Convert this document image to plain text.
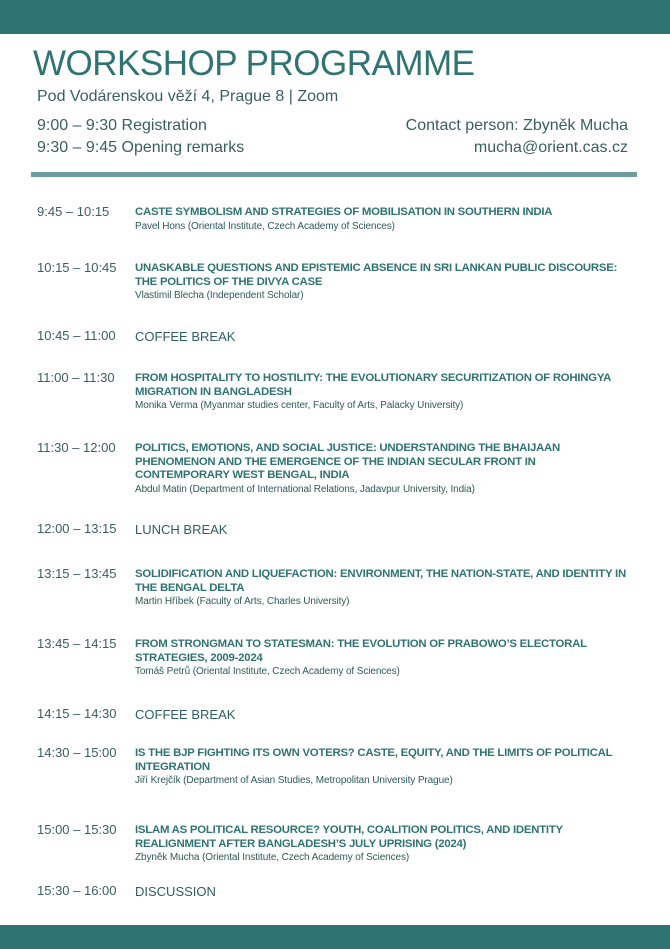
WORKSHOP PROGRAMME
Pod Vodárenskou věží 4, Prague 8 | Zoom
9:00 – 9:30 Registration
9:30 – 9:45 Opening remarks
Contact person: Zbyněk Mucha
mucha@orient.cas.cz
9:45 – 10:15 CASTE SYMBOLISM AND STRATEGIES OF MOBILISATION IN SOUTHERN INDIA
Pavel Hons (Oriental Institute, Czech Academy of Sciences)
10:15 – 10:45 UNASKABLE QUESTIONS AND EPISTEMIC ABSENCE IN SRI LANKAN PUBLIC DISCOURSE: THE POLITICS OF THE DIVYA CASE
Vlastimil Blecha (Independent Scholar)
10:45 – 11:00 COFFEE BREAK
11:00 – 11:30 FROM HOSPITALITY TO HOSTILITY: THE EVOLUTIONARY SECURITIZATION OF ROHINGYA MIGRATION IN BANGLADESH
Monika Verma (Myanmar studies center, Faculty of Arts, Palacky University)
11:30 – 12:00 POLITICS, EMOTIONS, AND SOCIAL JUSTICE: UNDERSTANDING THE BHAIJAAN PHENOMENON AND THE EMERGENCE OF THE INDIAN SECULAR FRONT IN CONTEMPORARY WEST BENGAL, INDIA
Abdul Matin (Department of International Relations, Jadavpur University, India)
12:00 – 13:15 LUNCH BREAK
13:15 – 13:45 SOLIDIFICATION AND LIQUEFACTION: ENVIRONMENT, THE NATION-STATE, AND IDENTITY IN THE BENGAL DELTA
Martin Hříbek (Faculty of Arts, Charles University)
13:45 – 14:15 FROM STRONGMAN TO STATESMAN: THE EVOLUTION OF PRABOWO’S ELECTORAL STRATEGIES, 2009-2024
Tomáš Petrů (Oriental Institute, Czech Academy of Sciences)
14:15 – 14:30 COFFEE BREAK
14:30 – 15:00 IS THE BJP FIGHTING ITS OWN VOTERS? CASTE, EQUITY, AND THE LIMITS OF POLITICAL INTEGRATION
Jiří Krejčík (Department of Asian Studies, Metropolitan University Prague)
15:00 – 15:30 ISLAM AS POLITICAL RESOURCE? YOUTH, COALITION POLITICS, AND IDENTITY REALIGNMENT AFTER BANGLADESH’S JULY UPRISING (2024)
Zbyněk Mucha (Oriental Institute, Czech Academy of Sciences)
15:30 – 16:00 DISCUSSION
